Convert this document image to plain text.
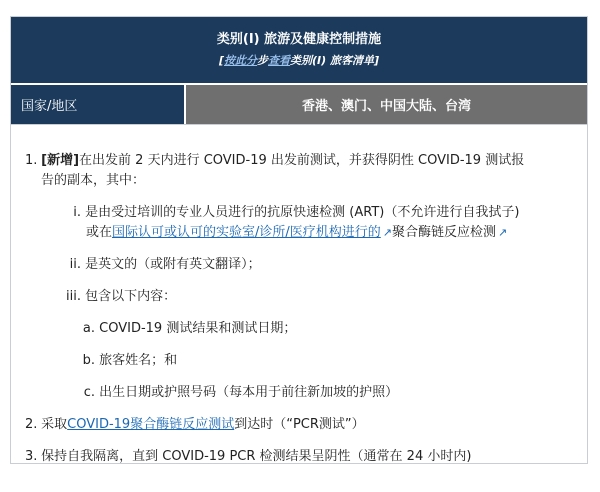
类别(I) 旅游及健康控制措施
[按此分步查看类别(I) 旅客清单]
国家/地区	香港、澳门、中国大陆、台湾
1. [新增]在出发前 2 天内进行 COVID-19 出发前测试，并获得阴性 COVID-19 测试报
告的副本，其中：
i. 是由受过培训的专业人员进行的抗原快速检测 (ART)（不允许进行自我拭子)
或在国际认可或认可的实验室/诊所/医疗机构进行的 ↗聚合酶链反应检测 ↗
ii. 是英文的（或附有英文翻译）；
iii. 包含以下内容：
a. COVID-19 测试结果和测试日期；
b. 旅客姓名；和
c. 出生日期或护照号码（每本用于前往新加坡的护照）
2. 采取COVID-19聚合酶链反应测试到达时（“PCR测试”）
3. 保持自我隔离，直到 COVID-19 PCR 检测结果呈阴性（通常在 24 小时内)
